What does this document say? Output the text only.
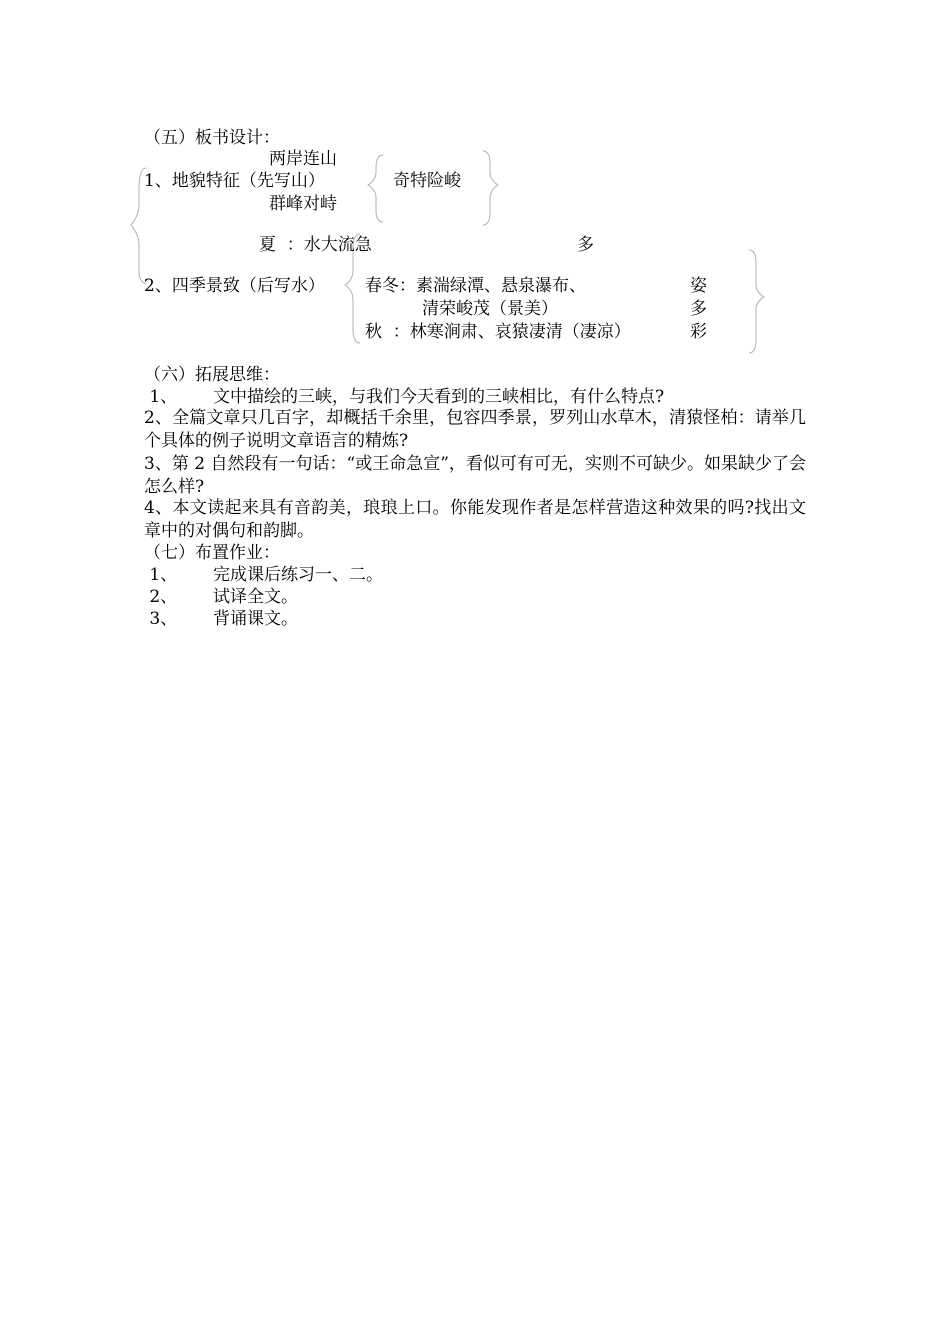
（五）板书设计：
两岸连山
1、地貌特征（先写山）	奇特险峻
群峰对峙
夏  ：水大流急	多
2、四季景致（后写水） 春冬：素湍绿潭、悬泉瀑布、
清荣峻茂（景美）
秋  ：林寒涧肃、哀猿凄清（凄凉）
姿
多
彩
（六）拓展思维：
1、 文中描绘的三峡，与我们今天看到的三峡相比，有什么特点?
2、全篇文章只几百字，却概括千余里，包容四季景，罗列山水草木，清猿怪柏：请举几个具体的例子说明文章语言的精炼?
3、第 2 自然段有一句话：“或王命急宣”，看似可有可无，实则不可缺少。如果缺少了会怎么样?
4、本文读起来具有音韵美，琅琅上口。你能发现作者是怎样营造这种效果的吗?找出文章中的对偶句和韵脚。
（七）布置作业：
1、 完成课后练习一、二。
2、 试译全文。
3、 背诵课文。
